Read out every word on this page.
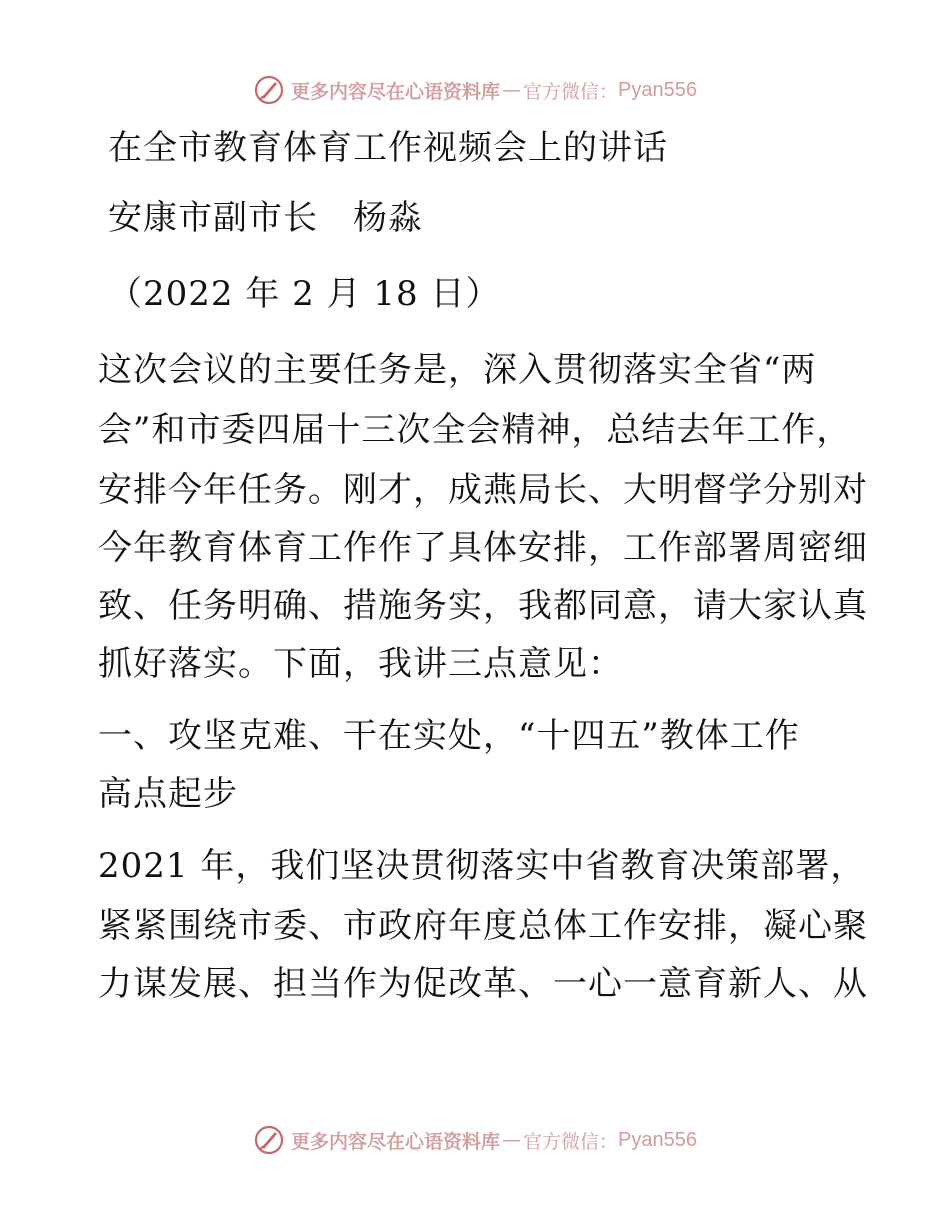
更多内容尽在心语资料库 — 官方微信： Pyan556
在全市教育体育工作视频会上的讲话
安康市副市长　杨淼
（2022 年 2 月 18 日）
这次会议的主要任务是，深入贯彻落实全省“两
会”和市委四届十三次全会精神，总结去年工作，
安排今年任务。刚才，成燕局长、大明督学分别对
今年教育体育工作作了具体安排，工作部署周密细
致、任务明确、措施务实，我都同意，请大家认真
抓好落实。下面，我讲三点意见：
一、攻坚克难、干在实处，“十四五”教体工作
高点起步
2021 年，我们坚决贯彻落实中省教育决策部署，
紧紧围绕市委、市政府年度总体工作安排，凝心聚
力谋发展、担当作为促改革、一心一意育新人、从
更多内容尽在心语资料库 — 官方微信： Pyan556
